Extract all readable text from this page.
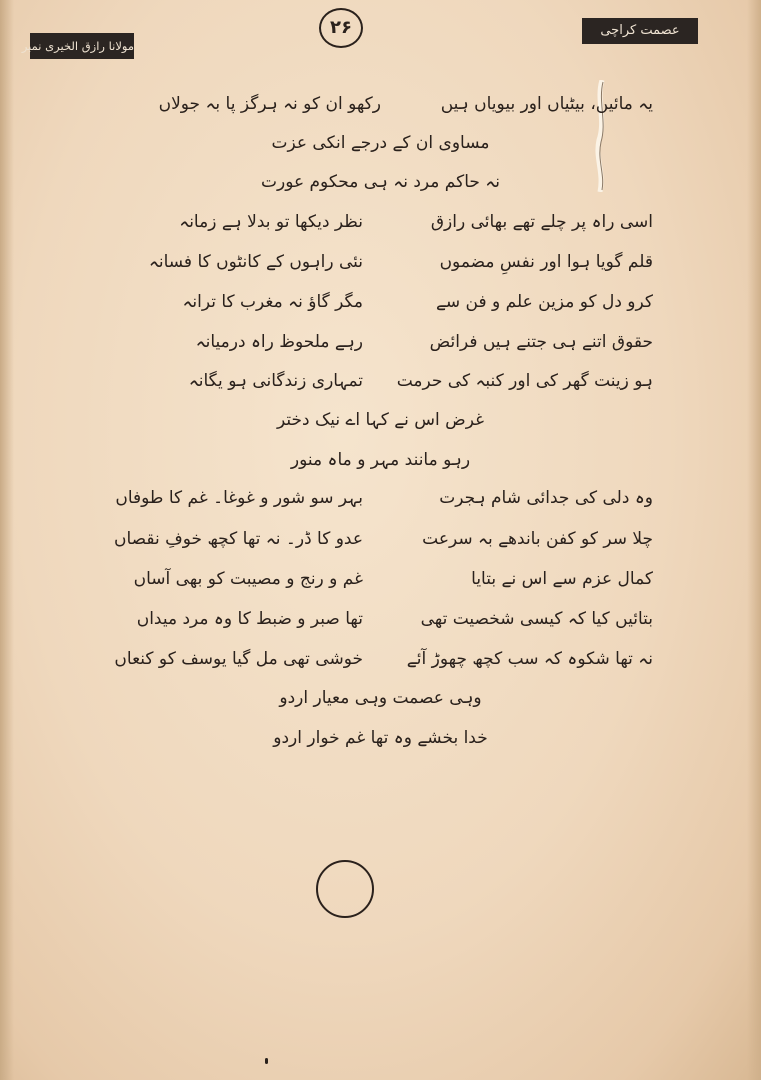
عصمت کراچی
۲۶
مولانا رازق الخیری نمبر
یہ مائیں، بیٹیاں اور بیویاں ہیں
رکھو ان کو نہ ہرگز پا بہ جولاں
مساوی ان کے درجے انکی عزت
نہ حاکم مرد نہ ہی محکوم عورت
اسی راہ پر چلے تھے بھائی رازق
قلم گویا ہوا اور نفسِ مضموں
کرو دل کو مزین علم و فن سے
حقوق اتنے ہی جتنے ہیں فرائض
ہو زینت گھر کی اور کنبہ کی حرمت
نظر دیکھا تو بدلا ہے زمانہ
نئی راہوں کے کانٹوں کا فسانہ
مگر گاؤ نہ مغرب کا ترانہ
رہے ملحوظ راہ درمیانہ
تمہاری زندگانی ہو یگانہ
غرض اس نے کہا اے نیک دختر
رہو مانند مہر و ماہ منور
وہ دلی کی جدائی شام ہجرت
چلا سر کو کفن باندھے بہ سرعت
کمال عزم سے اس نے بتایا
بتائیں کیا کہ کیسی شخصیت تھی
نہ تھا شکوہ کہ سب کچھ چھوڑ آئے
بہر سو شور و غوغا۔ غم کا طوفاں
عدو کا ڈر۔ نہ تھا کچھ خوفِ نقصاں
غم و رنج و مصیبت کو بھی آساں
تھا صبر و ضبط کا وہ مرد میداں
خوشی تھی مل گیا یوسف کو کنعاں
وہی عصمت وہی معیار اردو
خدا بخشے وہ تھا غم خوار اردو
